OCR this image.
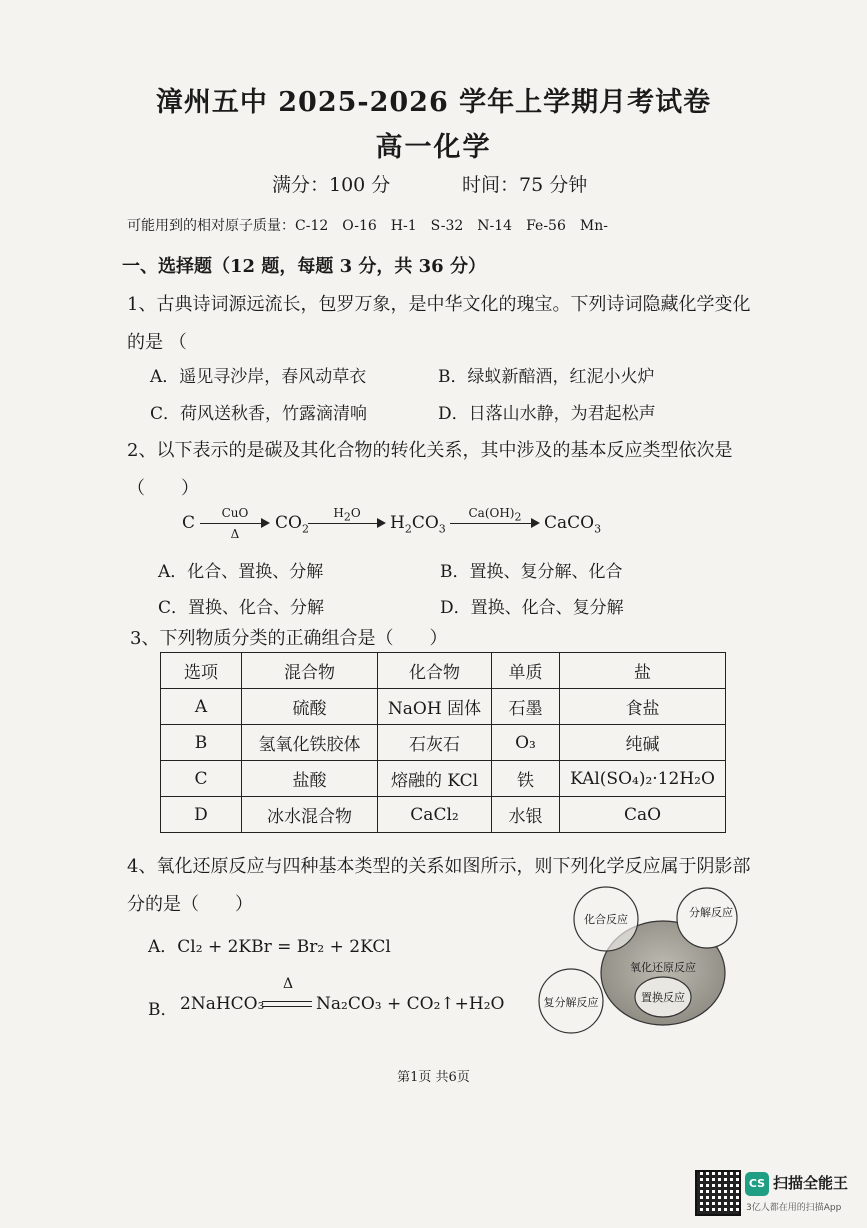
漳州五中 2025-2026 学年上学期月考试卷
高一化学
满分：100 分	时间：75 分钟
可能用到的相对原子质量：C-12　O-16　H-1　S-32　N-14　Fe-56　Mn-
一、选择题（12 题，每题 3 分，共 36 分）
1、古典诗词源远流长，包罗万象，是中华文化的瑰宝。下列诗词隐藏化学变化
的是 （
A．遥见寻沙岸，春风动草衣	B．绿蚁新醅酒，红泥小火炉
C．荷风送秋香，竹露滴清响	D．日落山水静，为君起松声
2、以下表示的是碳及其化合物的转化关系，其中涉及的基本反应类型依次是
（　　）
C	CuO
Δ
$CO_2$
H2O	$H_2CO_3$
Ca(OH)2	CaCO$_3$
A．化合、置换、分解	B．置换、复分解、化合
C．置换、化合、分解	D．置换、化合、复分解
3、下列物质分类的正确组合是（　　）
选项	混合物	化合物	单质	盐
A	硫酸	NaOH 固体	石墨	食盐
B	氢氧化铁胶体	石灰石	O₃	纯碱
C	盐酸	熔融的 KCl	铁	KAl(SO₄)₂·12H₂O
D	冰水混合物	CaCl₂	水银	CaO
4、氧化还原反应与四种基本类型的关系如图所示，则下列化学反应属于阴影部
分的是（　　）
A．Cl₂ + 2KBr = Br₂ + 2KCl
B． 2NaHCO₃
Δ
Na₂CO₃ + CO₂↑+H₂O
化合反应
分解反应
氧化还原反应
复分解反应	置换反应
第1页 共6页
CS 扫描全能王
3亿人都在用的扫描App
